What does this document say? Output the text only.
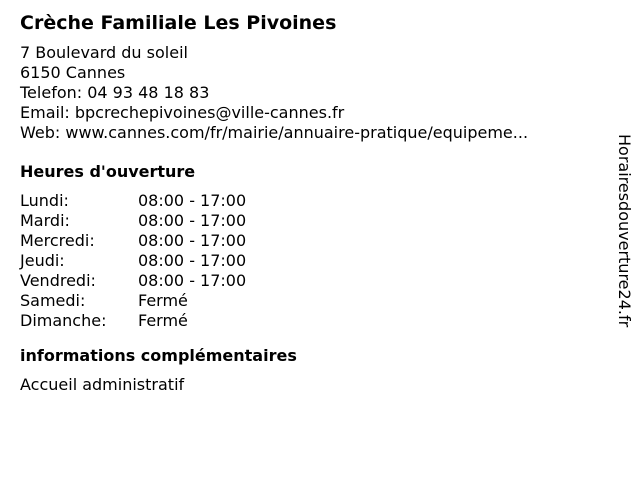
Crèche Familiale Les Pivoines
7 Boulevard du soleil
6150 Cannes
Telefon: 04 93 48 18 83
Email: bpcrechepivoines@ville-cannes.fr
Web: www.cannes.com/fr/mairie/annuaire-pratique/equipeme...
Heures d'ouverture
Lundi:	08:00 - 17:00
Mardi:	08:00 - 17:00
Mercredi:	08:00 - 17:00
Jeudi:	08:00 - 17:00
Vendredi:	08:00 - 17:00
Samedi:	Fermé
Dimanche:	Fermé
informations complémentaires
Accueil administratif
Horairesdouverture24.fr
